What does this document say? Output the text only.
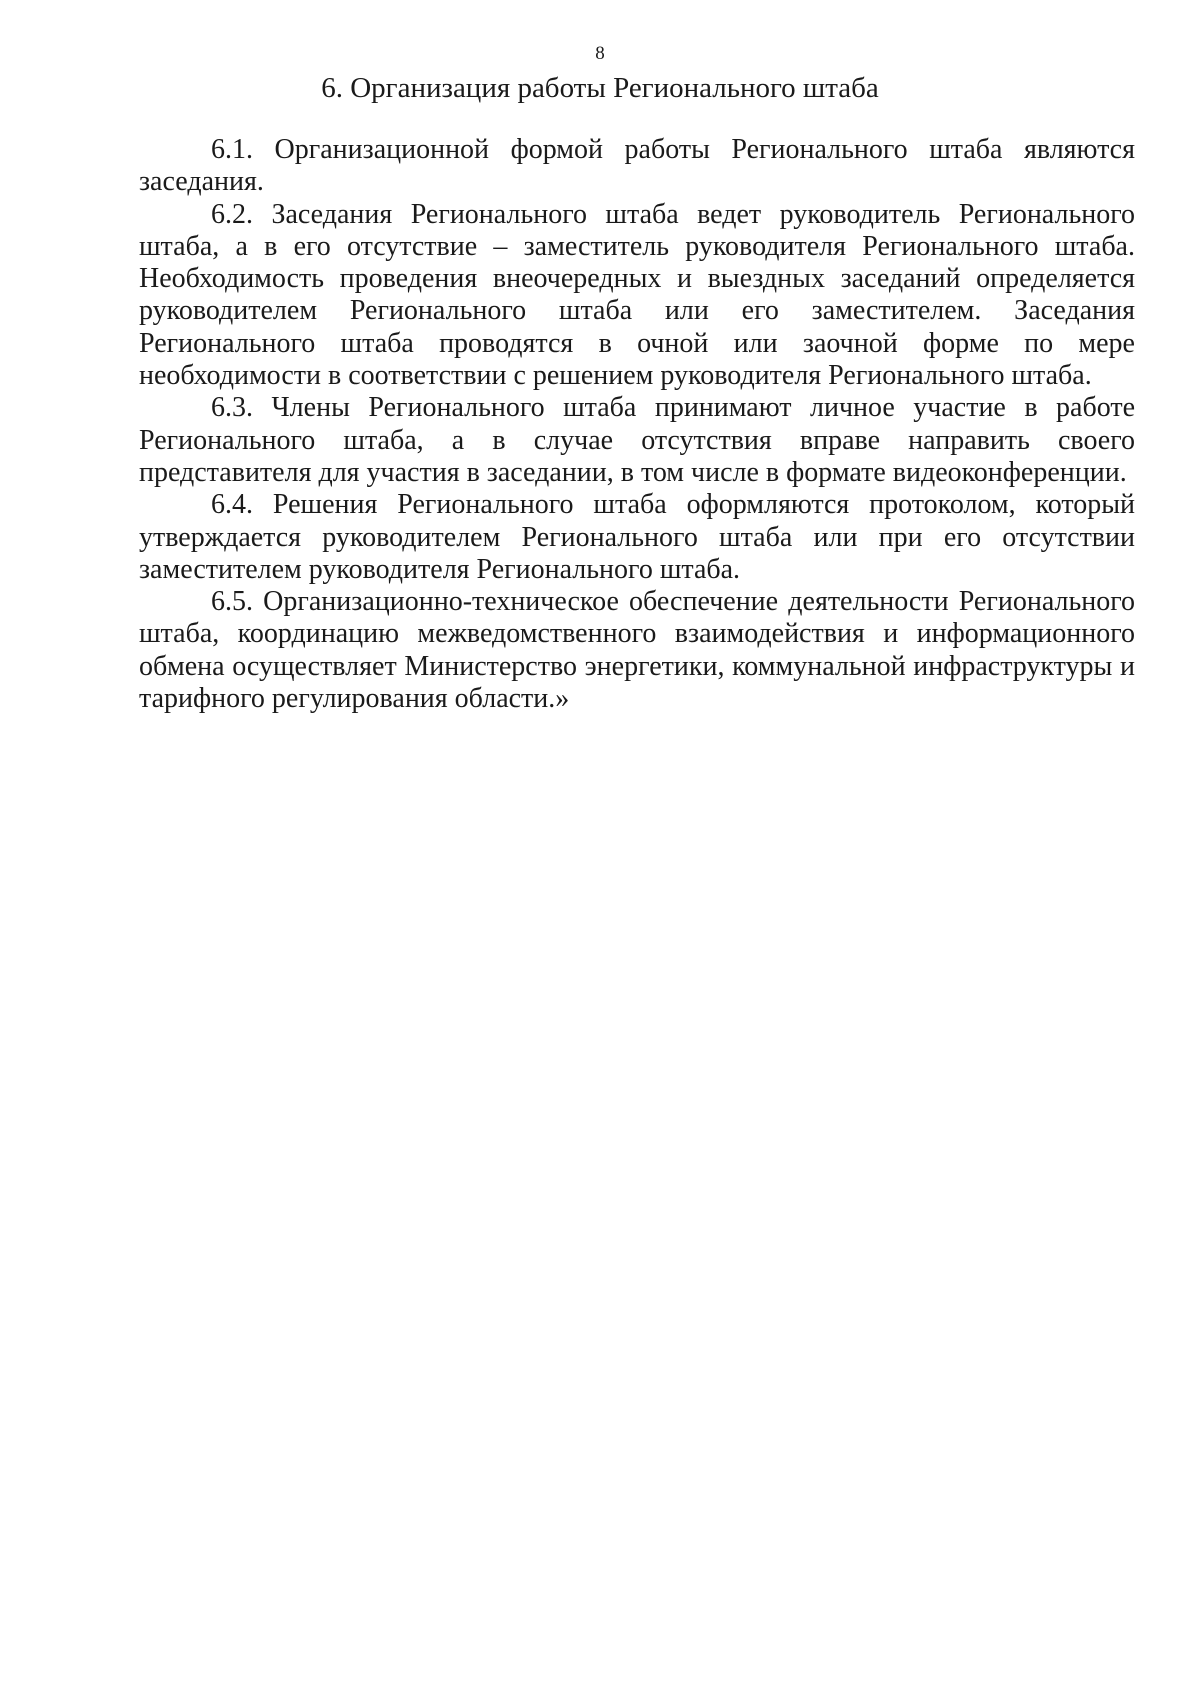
8
6. Организация работы Регионального штаба

6.1. Организационной формой работы Регионального штаба являются заседания.

6.2. Заседания Регионального штаба ведет руководитель Регионального штаба, а в его отсутствие – заместитель руководителя Регионального штаба. Необходимость проведения внеочередных и выездных заседаний определяется руководителем Регионального штаба или его заместителем. Заседания Регионального штаба проводятся в очной или заочной форме по мере необходимости в соответствии с решением руководителя Регионального штаба.

6.3. Члены Регионального штаба принимают личное участие в работе Регионального штаба, а в случае отсутствия вправе направить своего представителя для участия в заседании, в том числе в формате видеоконференции.

6.4. Решения Регионального штаба оформляются протоколом, который утверждается руководителем Регионального штаба или при его отсутствии заместителем руководителя Регионального штаба.

6.5. Организационно-техническое обеспечение деятельности Регионального штаба, координацию межведомственного взаимодействия и информационного обмена осуществляет Министерство энергетики, коммунальной инфраструктуры и тарифного регулирования области.»
